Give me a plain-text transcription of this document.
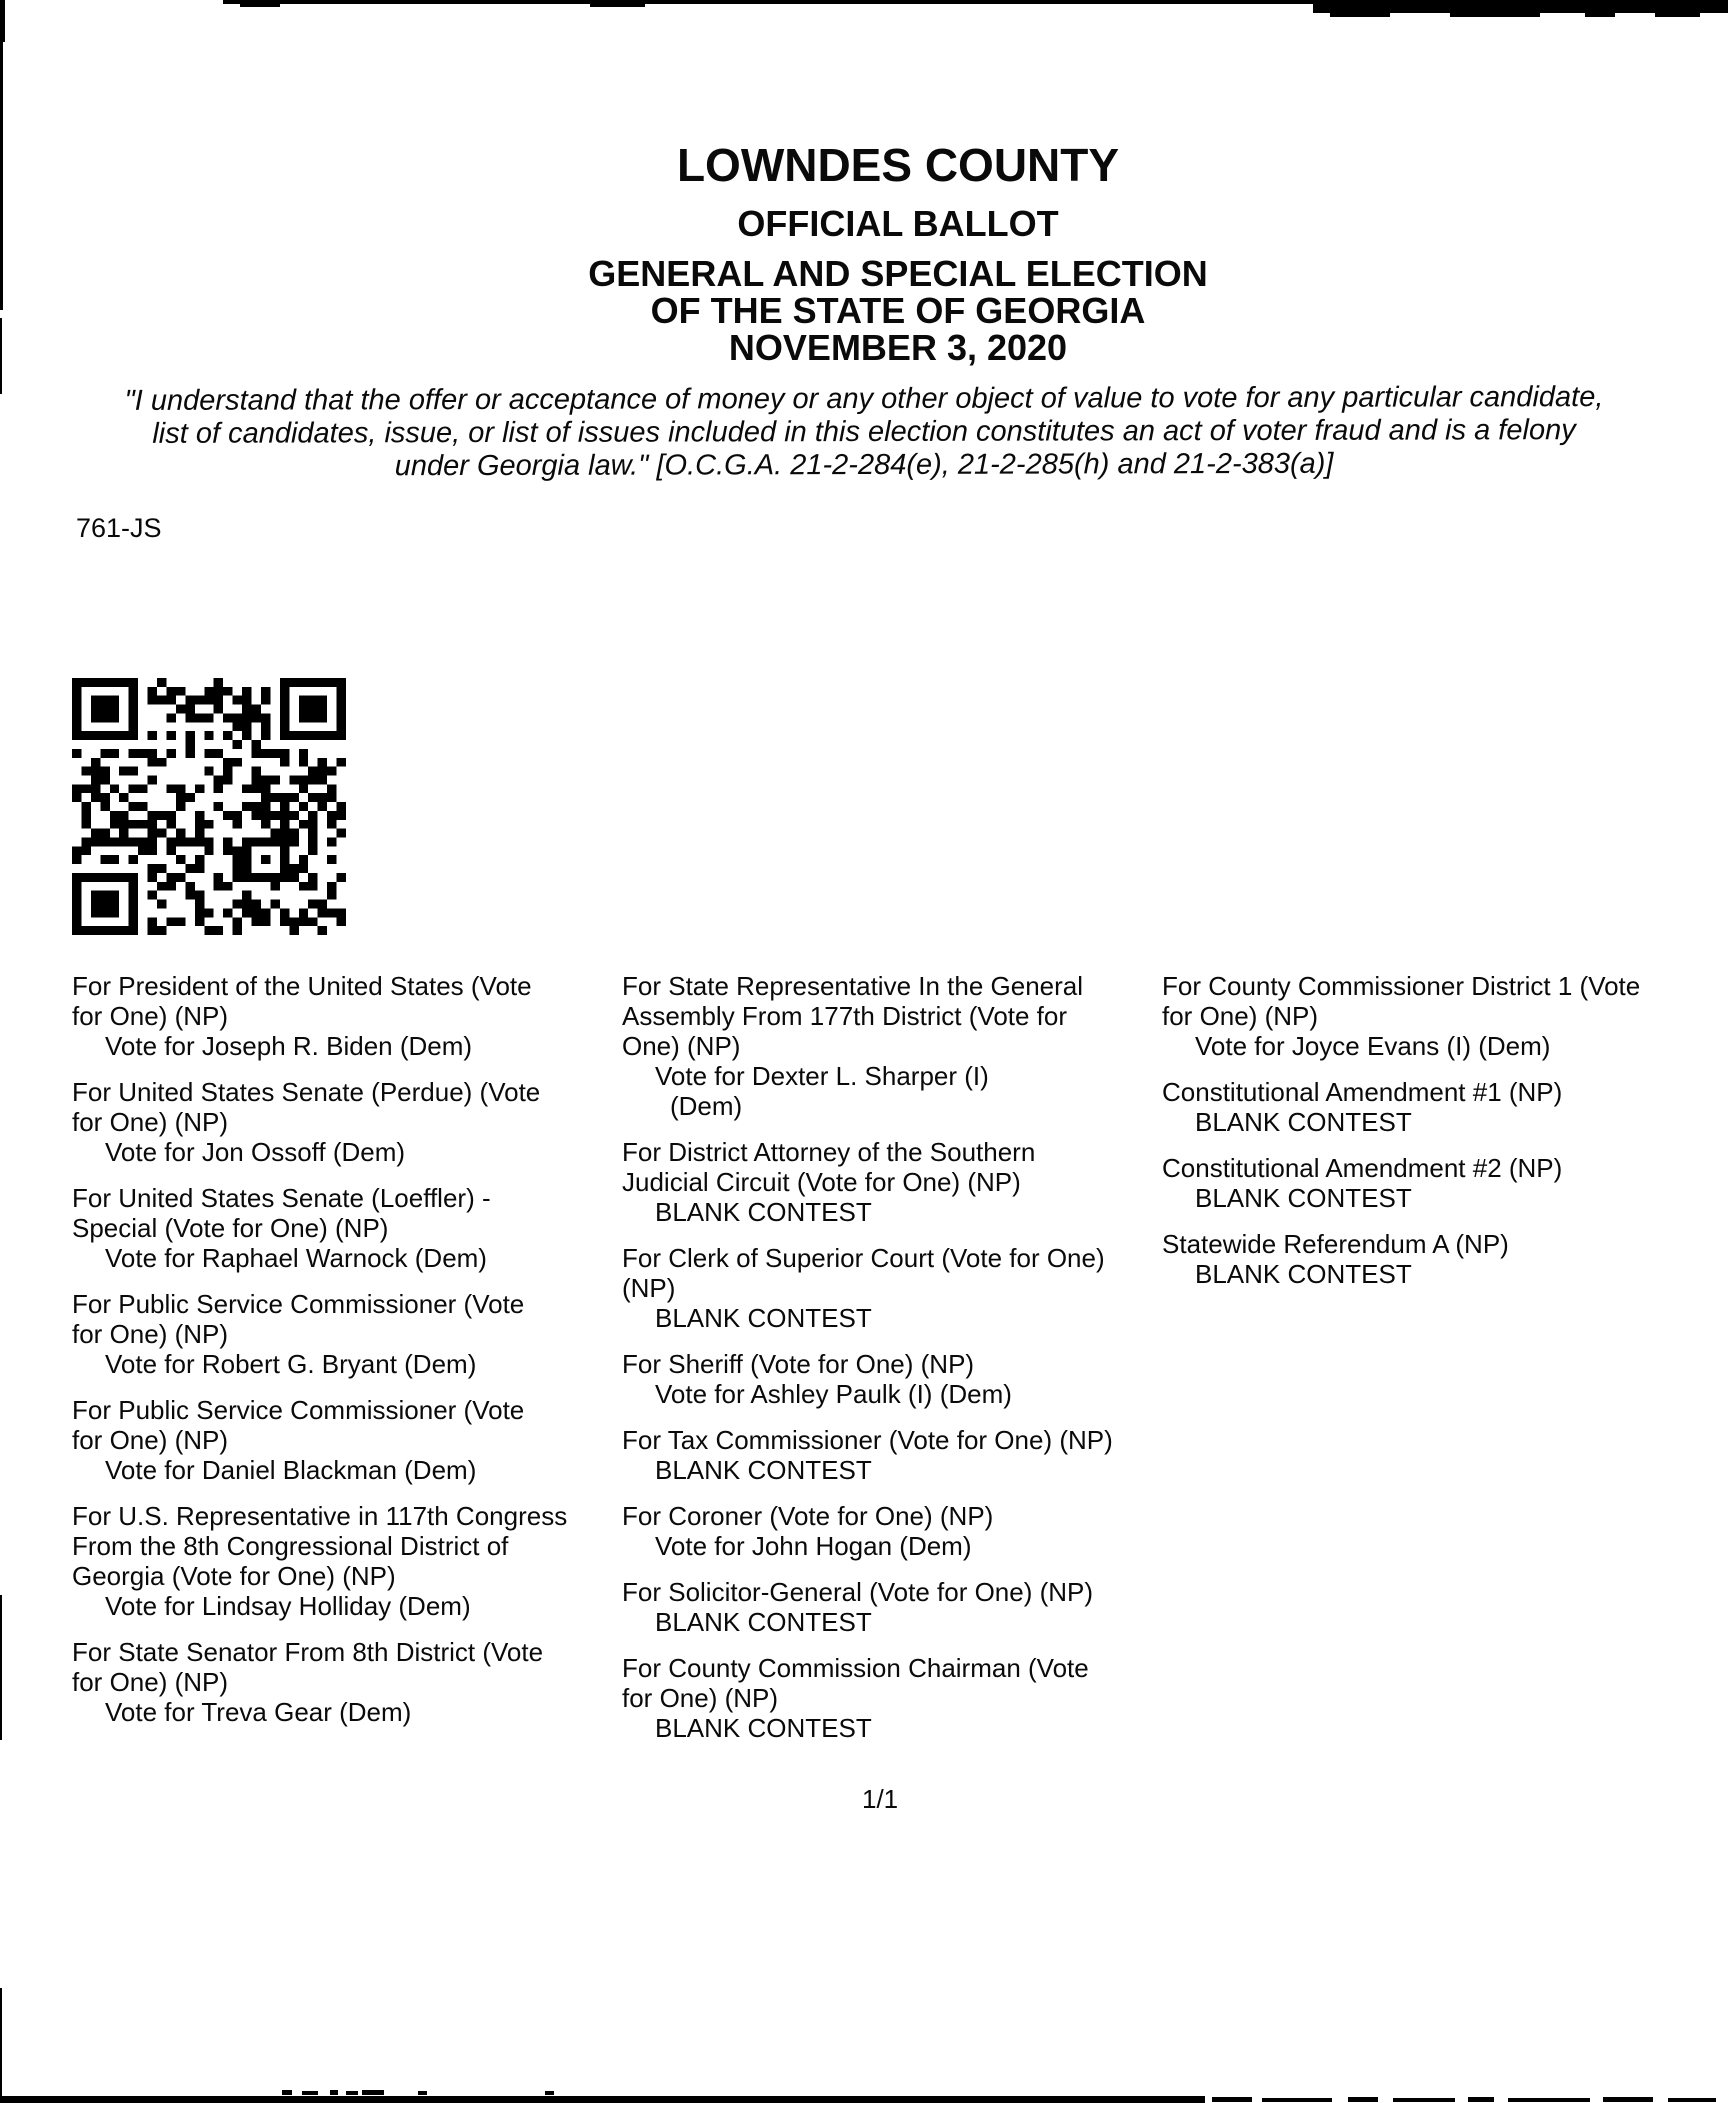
LOWNDES COUNTY
OFFICIAL BALLOT
GENERAL AND SPECIAL ELECTION
OF THE STATE OF GEORGIA
NOVEMBER 3, 2020
"I understand that the offer or acceptance of money or any other object of value to vote for any particular candidate,
list of candidates, issue, or list of issues included in this election constitutes an act of voter fraud and is a felony
under Georgia law." [O.C.G.A. 21-2-284(e), 21-2-285(h) and 21-2-383(a)]
761-JS
For President of the United States (Vote
for One) (NP)
Vote for Joseph R. Biden (Dem)
For United States Senate (Perdue) (Vote
for One) (NP)
Vote for Jon Ossoff (Dem)
For United States Senate (Loeffler) -
Special (Vote for One) (NP)
Vote for Raphael Warnock (Dem)
For Public Service Commissioner (Vote
for One) (NP)
Vote for Robert G. Bryant (Dem)
For Public Service Commissioner (Vote
for One) (NP)
Vote for Daniel Blackman (Dem)
For U.S. Representative in 117th Congress
From the 8th Congressional District of
Georgia (Vote for One) (NP)
Vote for Lindsay Holliday (Dem)
For State Senator From 8th District (Vote
for One) (NP)
Vote for Treva Gear (Dem)
For State Representative In the General
Assembly From 177th District (Vote for
One) (NP)
Vote for Dexter L. Sharper (I)
(Dem)
For District Attorney of the Southern
Judicial Circuit (Vote for One) (NP)
BLANK CONTEST
For Clerk of Superior Court (Vote for One)
(NP)
BLANK CONTEST
For Sheriff (Vote for One) (NP)
Vote for Ashley Paulk (I) (Dem)
For Tax Commissioner (Vote for One) (NP)
BLANK CONTEST
For Coroner (Vote for One) (NP)
Vote for John Hogan (Dem)
For Solicitor-General (Vote for One) (NP)
BLANK CONTEST
For County Commission Chairman (Vote
for One) (NP)
BLANK CONTEST
For County Commissioner District 1 (Vote
for One) (NP)
Vote for Joyce Evans (I) (Dem)
Constitutional Amendment #1 (NP)
BLANK CONTEST
Constitutional Amendment #2 (NP)
BLANK CONTEST
Statewide Referendum A (NP)
BLANK CONTEST
1/1
